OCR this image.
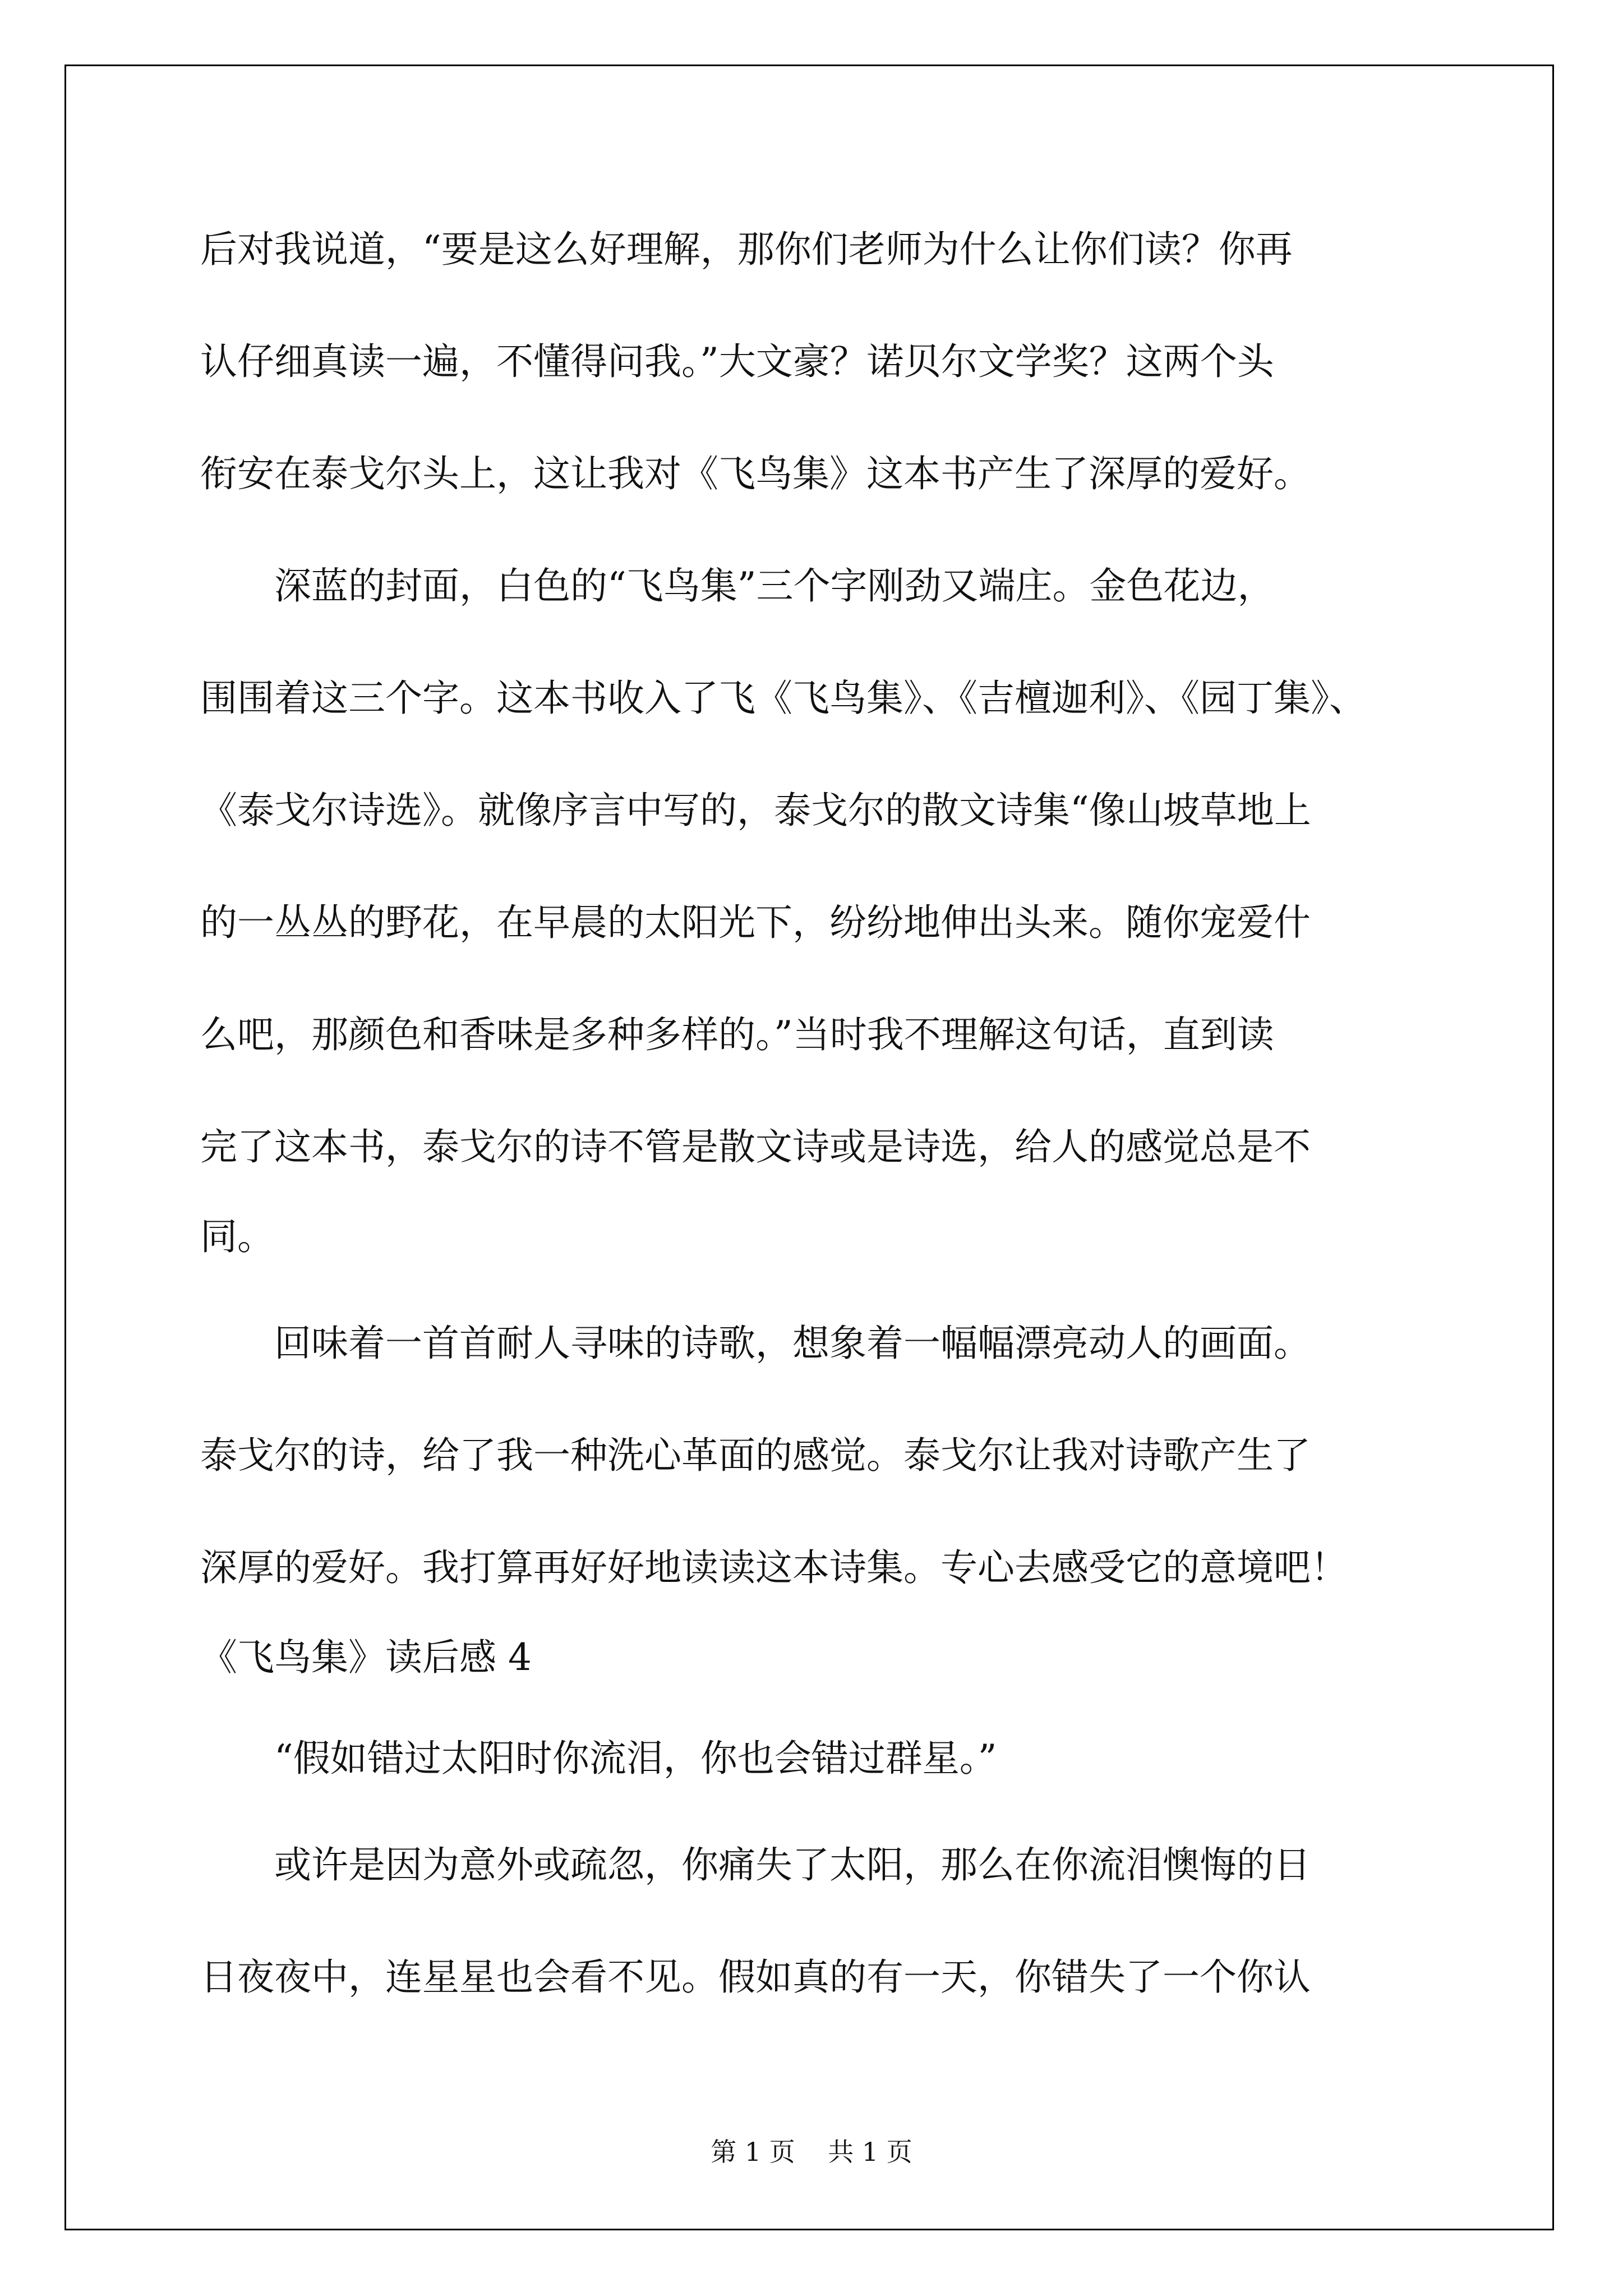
后对我说道，“要是这么好理解，那你们老师为什么让你们读？你再
认仔细真读一遍，不懂得问我。”大文豪？诺贝尔文学奖？这两个头
衔安在泰戈尔头上，这让我对《飞鸟集》这本书产生了深厚的爱好。
　　深蓝的封面，白色的“飞鸟集”三个字刚劲又端庄。金色花边，
围围着这三个字。这本书收入了飞《飞鸟集》、《吉檀迦利》、《园丁集》、
《泰戈尔诗选》。就像序言中写的，泰戈尔的散文诗集“像山坡草地上
的一丛丛的野花，在早晨的太阳光下，纷纷地伸出头来。随你宠爱什
么吧，那颜色和香味是多种多样的。”当时我不理解这句话，直到读
完了这本书，泰戈尔的诗不管是散文诗或是诗选，给人的感觉总是不
同。
　　回味着一首首耐人寻味的诗歌，想象着一幅幅漂亮动人的画面。
泰戈尔的诗，给了我一种洗心革面的感觉。泰戈尔让我对诗歌产生了
深厚的爱好。我打算再好好地读读这本诗集。专心去感受它的意境吧！
《飞鸟集》读后感 4
　　“假如错过太阳时你流泪，你也会错过群星。”
　　或许是因为意外或疏忽，你痛失了太阳，那么在你流泪懊悔的日
日夜夜中，连星星也会看不见。假如真的有一天，你错失了一个你认
第 1 页    共 1 页
